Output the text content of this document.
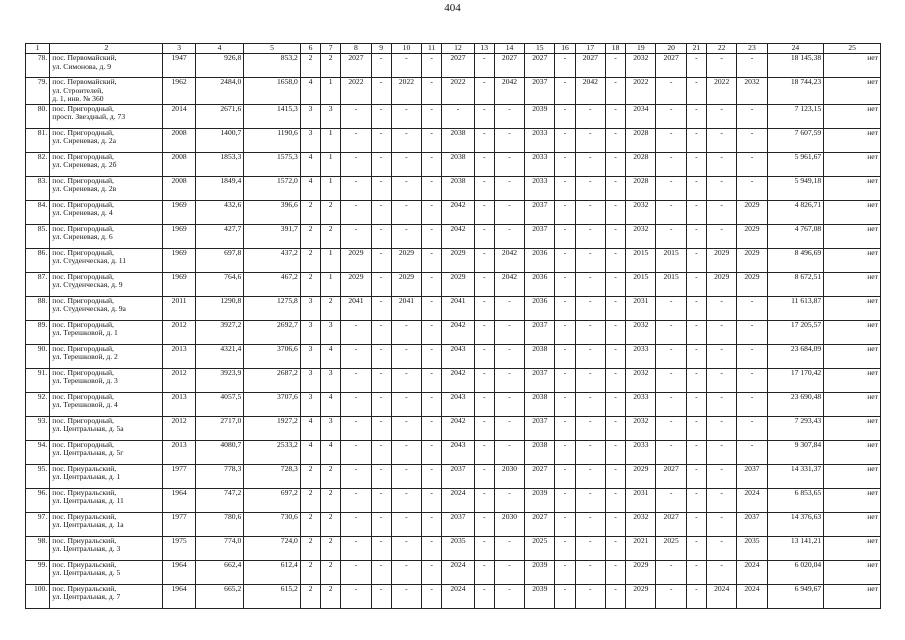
404
1	2	3	4	5	6	7	8	9	10	11	12	13	14	15	16	17	18	19	20	21	22	23	24	25
78.	пос. Первомайский,
ул. Симонова, д. 9	1947	926,8	853,2	2	2	2027	-	-	-	2027	-	2027	2027	-	2027	-	2032	2027	-	-	-	18 145,38	нет
79.	пос. Первомайский,
ул. Строителей,
д. 1, инв. № 360	1962	2484,0	1658,0	4	1	2022	-	2022	-	2022	-	2042	2037	-	2042	-	2022	-	-	2022	2032	18 744,23	нет
80.	пос. Пригородный,
просп. Звездный, д. 73	2014	2671,6	1415,3	3	3	-	-	-	-	-	-	-	2039	-	-	-	2034	-	-	-	-	7 123,15	нет
81.	пос. Пригородный,
ул. Сиреневая, д. 2а	2008	1400,7	1190,6	3	1	-	-	-	-	2038	-	-	2033	-	-	-	2028	-	-	-	-	7 607,59	нет
82.	пос. Пригородный,
ул. Сиреневая, д. 2б	2008	1853,3	1575,3	4	1	-	-	-	-	2038	-	-	2033	-	-	-	2028	-	-	-	-	5 961,67	нет
83.	пос. Пригородный,
ул. Сиреневая, д. 2в	2008	1849,4	1572,0	4	1	-	-	-	-	2038	-	-	2033	-	-	-	2028	-	-	-	-	5 949,18	нет
84.	пос. Пригородный,
ул. Сиреневая, д. 4	1969	432,6	396,6	2	2	-	-	-	-	2042	-	-	2037	-	-	-	2032	-	-	-	2029	4 826,71	нет
85.	пос. Пригородный,
ул. Сиреневая, д. 6	1969	427,7	391,7	2	2	-	-	-	-	2042	-	-	2037	-	-	-	2032	-	-	-	2029	4 767,08	нет
86.	пос. Пригородный,
ул. Студенческая, д. 11	1969	697,8	437,2	2	1	2029	-	2029	-	2029	-	2042	2036	-	-	-	2015	2015	-	2029	2029	8 496,69	нет
87.	пос. Пригородный,
ул. Студенческая, д. 9	1969	764,6	467,2	2	1	2029	-	2029	-	2029	-	2042	2036	-	-	-	2015	2015	-	2029	2029	8 672,51	нет
88.	пос. Пригородный,
ул. Студенческая, д. 9а	2011	1290,8	1275,8	3	2	2041	-	2041	-	2041	-	-	2036	-	-	-	2031	-	-	-	-	11 613,87	нет
89.	пос. Пригородный,
ул. Терешковой, д. 1	2012	3927,2	2692,7	3	3	-	-	-	-	2042	-	-	2037	-	-	-	2032	-	-	-	-	17 205,57	нет
90.	пос. Пригородный,
ул. Терешковой, д. 2	2013	4321,4	3706,6	3	4	-	-	-	-	2043	-	-	2038	-	-	-	2033	-	-	-	-	23 684,09	нет
91.	пос. Пригородный,
ул. Терешковой, д. 3	2012	3923,9	2687,2	3	3	-	-	-	-	2042	-	-	2037	-	-	-	2032	-	-	-	-	17 170,42	нет
92.	пос. Пригородный,
ул. Терешковой, д. 4	2013	4057,5	3707,6	3	4	-	-	-	-	2043	-	-	2038	-	-	-	2033	-	-	-	-	23 690,48	нет
93.	пос. Пригородный,
ул. Центральная, д. 5а	2012	2717,0	1927,2	4	3	-	-	-	-	2042	-	-	2037	-	-	-	2032	-	-	-	-	7 293,43	нет
94.	пос. Пригородный,
ул. Центральная, д. 5г	2013	4080,7	2533,2	4	4	-	-	-	-	2043	-	-	2038	-	-	-	2033	-	-	-	-	9 307,84	нет
95.	пос. Приуральский,
ул. Центральная, д. 1	1977	778,3	728,3	2	2	-	-	-	-	2037	-	2030	2027	-	-	-	2029	2027	-	-	2037	14 331,37	нет
96.	пос. Приуральский,
ул. Центральная, д. 11	1964	747,2	697,2	2	2	-	-	-	-	2024	-	-	2039	-	-	-	2031	-	-	-	2024	6 853,65	нет
97.	пос. Приуральский,
ул. Центральная, д. 1а	1977	780,6	730,6	2	2	-	-	-	-	2037	-	2030	2027	-	-	-	2032	2027	-	-	2037	14 376,63	нет
98.	пос. Приуральский,
ул. Центральная, д. 3	1975	774,0	724,0	2	2	-	-	-	-	2035	-	-	2025	-	-	-	2021	2025	-	-	2035	13 141,21	нет
99.	пос. Приуральский,
ул. Центральная, д. 5	1964	662,4	612,4	2	2	-	-	-	-	2024	-	-	2039	-	-	-	2029	-	-	-	2024	6 020,04	нет
100.	пос. Приуральский,
ул. Центральная, д. 7	1964	665,2	615,2	2	2	-	-	-	-	2024	-	-	2039	-	-	-	2029	-	-	2024	2024	6 949,67	нет
